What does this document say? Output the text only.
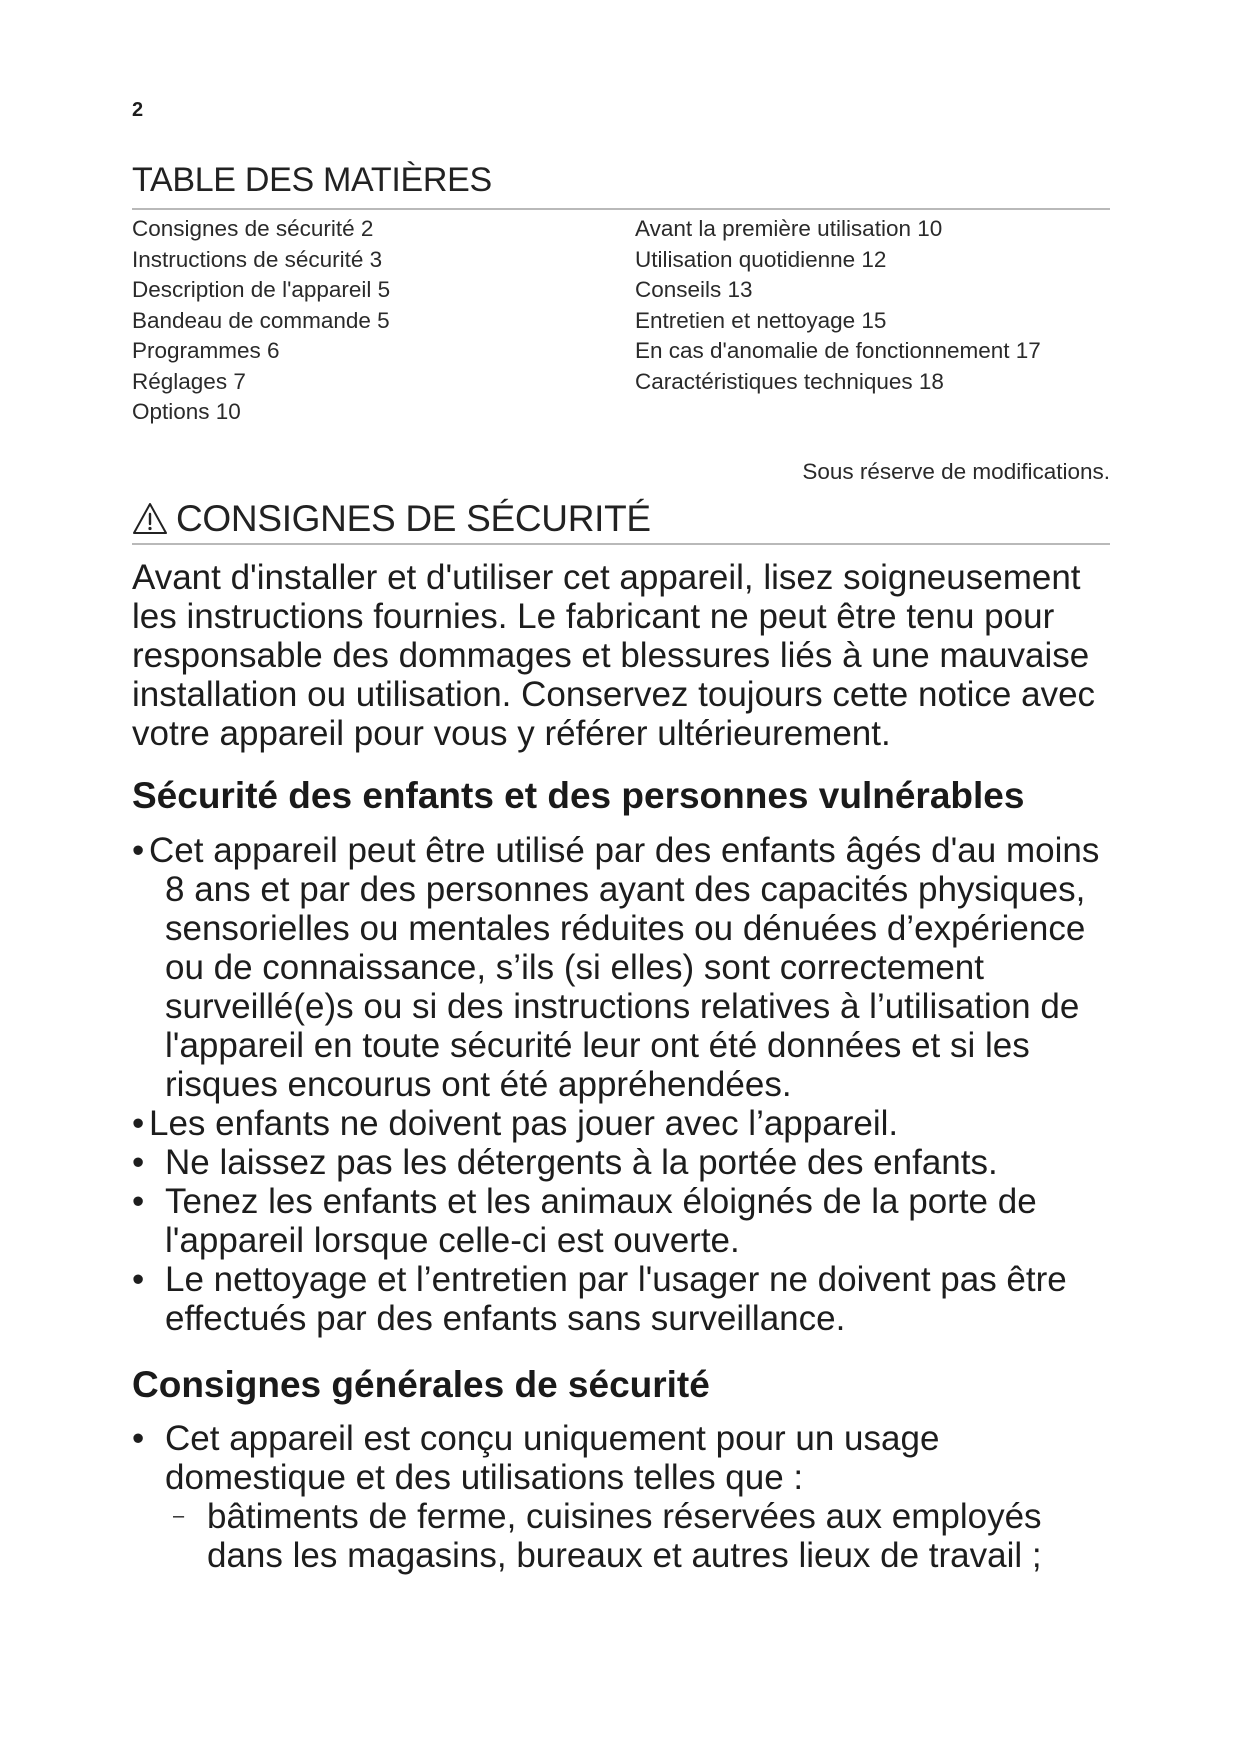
2
TABLE DES MATIÈRES
Consignes de sécurité 2
Instructions de sécurité 3
Description de l'appareil 5
Bandeau de commande 5
Programmes 6
Réglages 7
Options 10
Avant la première utilisation 10
Utilisation quotidienne 12
Conseils 13
Entretien et nettoyage 15
En cas d'anomalie de fonctionnement 17
Caractéristiques techniques 18
Sous réserve de modifications.
CONSIGNES DE SÉCURITÉ

Avant d'installer et d'utiliser cet appareil, lisez soigneusement les instructions fournies. Le fabricant ne peut être tenu pour responsable des dommages et blessures liés à une mauvaise installation ou utilisation. Conservez toujours cette notice avec votre appareil pour vous y référer ultérieurement.

Sécurité des enfants et des personnes vulnérables
• Cet appareil peut être utilisé par des enfants âgés d'au moins 8 ans et par des personnes ayant des capacités physiques, sensorielles ou mentales réduites ou dénuées d’expérience ou de connaissance, s’ils (si elles) sont correctement surveillé(e)s ou si des instructions relatives à l’utilisation de l'appareil en toute sécurité leur ont été données et si les risques encourus ont été appréhendées.
• Les enfants ne doivent pas jouer avec l’appareil.
• Ne laissez pas les détergents à la portée des enfants.
• Tenez les enfants et les animaux éloignés de la porte de l'appareil lorsque celle-ci est ouverte.
• Le nettoyage et l’entretien par l'usager ne doivent pas être effectués par des enfants sans surveillance.
Consignes générales de sécurité
• Cet appareil est conçu uniquement pour un usage domestique et des utilisations telles que :
– bâtiments de ferme, cuisines réservées aux employés dans les magasins, bureaux et autres lieux de travail ;
